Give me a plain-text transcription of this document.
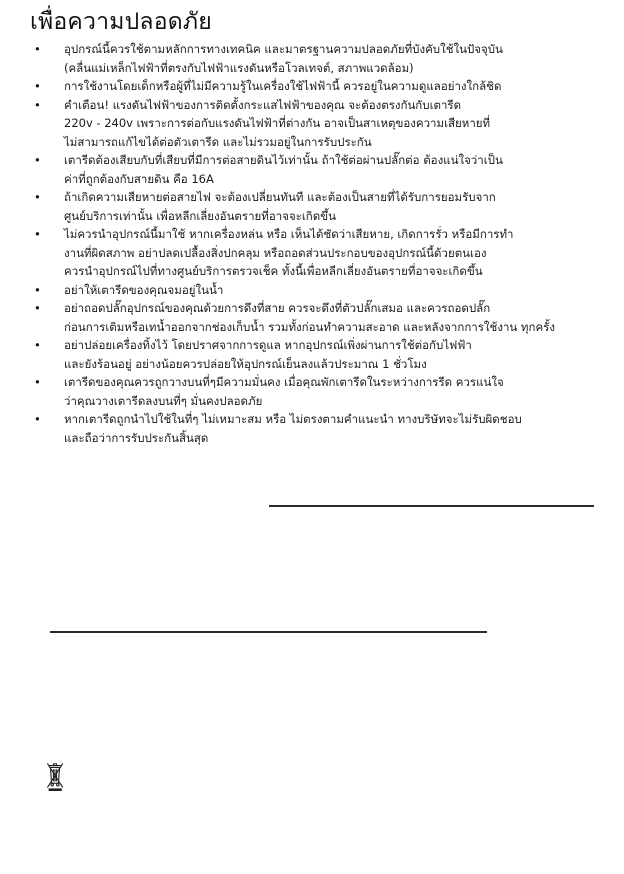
เพื่อความปลอดภัย
• อุปกรณ์นี้ควรใช้ตามหลักการทางเทคนิค และมาตรฐานความปลอดภัยที่บังคับใช้ในปัจจุบัน
(คลื่นแม่เหล็กไฟฟ้าที่ตรงกับไฟฟ้าแรงดันหรือโวลเทจต์, สภาพแวดล้อม)
• การใช้งานโดยเด็กหรือผู้ที่ไม่มีความรู้ในเครื่องใช้ไฟฟ้านี้ ควรอยู่ในความดูแลอย่างใกล้ชิด
• คำเตือน! แรงดันไฟฟ้าของการติดตั้งกระแสไฟฟ้าของคุณ จะต้องตรงกันกับเตารีด
220v - 240v เพราะการต่อกับแรงดันไฟฟ้าที่ต่างกัน อาจเป็นสาเหตุของความเสียหายที่
ไม่สามารถแก้ไขได้ต่อตัวเตารีด และไม่รวมอยู่ในการรับประกัน
• เตารีดต้องเสียบกับที่เสียบที่มีการต่อสายดินไว้เท่านั้น ถ้าใช้ต่อผ่านปลั๊กต่อ ต้องแน่ใจว่าเป็น
ค่าที่ถูกต้องกับสายดิน คือ 16A
• ถ้าเกิดความเสียหายต่อสายไฟ จะต้องเปลี่ยนทันที และต้องเป็นสายที่ได้รับการยอมรับจาก
ศูนย์บริการเท่านั้น เพื่อหลีกเลี่ยงอันตรายที่อาจจะเกิดขึ้น
• ไม่ควรนำอุปกรณ์นี้มาใช้ หากเครื่องหล่น หรือ เห็นได้ชัดว่าเสียหาย, เกิดการรั่ว หรือมีการทำ
งานที่ผิดสภาพ อย่าปลดเปลื้องสิ่งปกคลุม หรือถอดส่วนประกอบของอุปกรณ์นี้ด้วยตนเอง
ควรนำอุปกรณ์ไปที่ทางศูนย์บริการตรวจเช็ค ทั้งนี้เพื่อหลีกเลี่ยงอันตรายที่อาจจะเกิดขึ้น
• อย่าให้เตารีดของคุณจมอยู่ในน้ำ
• อย่าถอดปลั๊กอุปกรณ์ของคุณด้วยการดึงที่สาย ควรจะดึงที่ตัวปลั๊กเสมอ และควรถอดปลั๊ก
ก่อนการเติมหรือเทน้ำออกจากช่องเก็บน้ำ รวมทั้งก่อนทำความสะอาด และหลังจากการใช้งาน ทุกครั้ง
• อย่าปล่อยเครื่องทิ้งไว้ โดยปราศจากการดูแล หากอุปกรณ์เพิ่งผ่านการใช้ต่อกับไฟฟ้า
และยังร้อนอยู่ อย่างน้อยควรปล่อยให้อุปกรณ์เย็นลงแล้วประมาณ 1 ชั่วโมง
• เตารีดของคุณควรถูกวางบนที่ๆมีความมั่นคง เมื่อคุณพักเตารีดในระหว่างการรีด ควรแน่ใจ
ว่าคุณวางเตารีดลงบนที่ๆ มั่นคงปลอดภัย
• หากเตารีดถูกนำไปใช้ในที่ๆ ไม่เหมาะสม หรือ ไม่ตรงตามคำแนะนำ ทางบริษัทจะไม่รับผิดชอบ
และถือว่าการรับประกันสิ้นสุด
